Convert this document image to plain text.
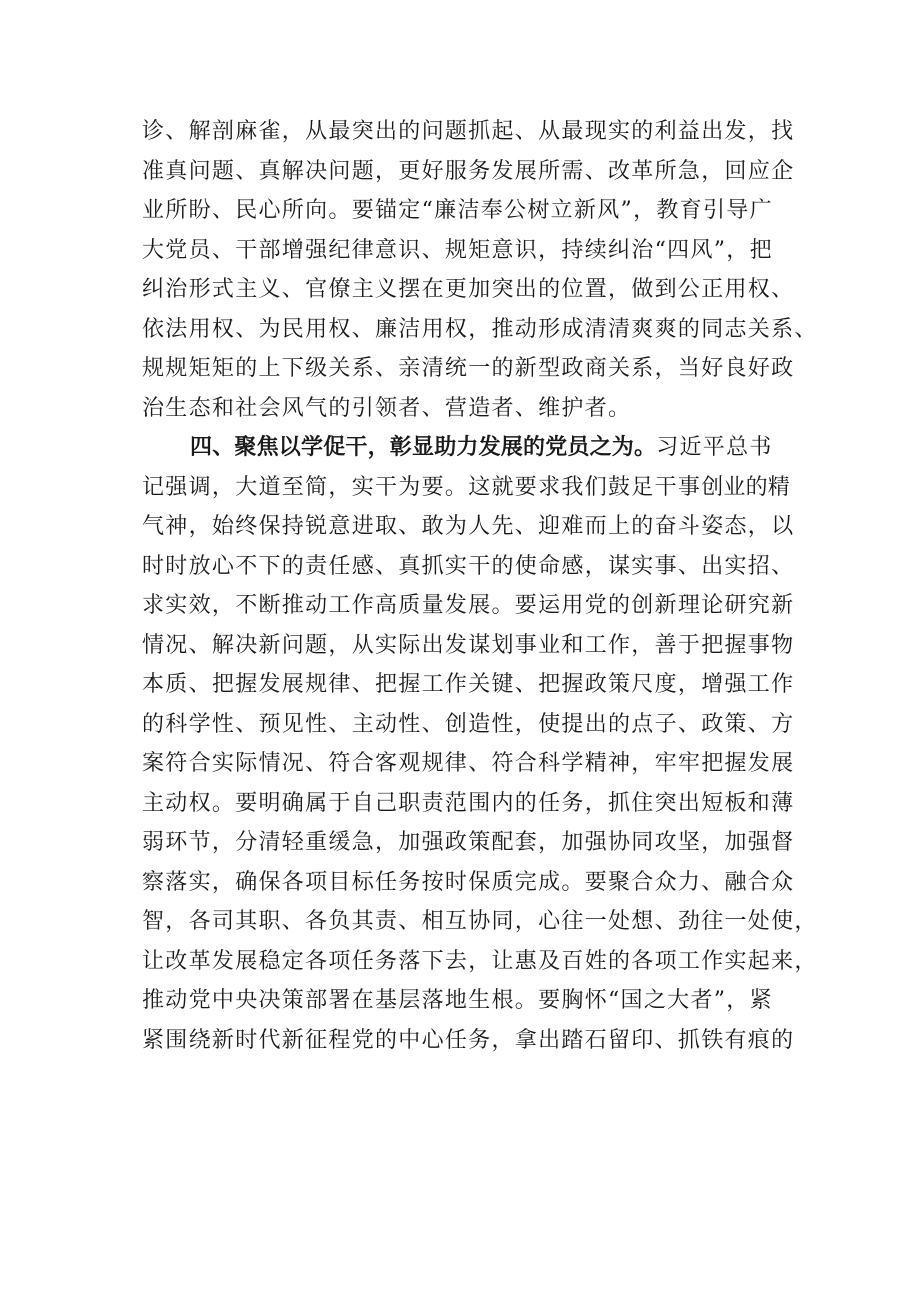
诊、解剖麻雀，从最突出的问题抓起、从最现实的利益出发，找
准真问题、真解决问题，更好服务发展所需、改革所急，回应企
业所盼、民心所向。要锚定“廉洁奉公树立新风”，教育引导广
大党员、干部增强纪律意识、规矩意识，持续纠治“四风”，把
纠治形式主义、官僚主义摆在更加突出的位置，做到公正用权、
依法用权、为民用权、廉洁用权，推动形成清清爽爽的同志关系、
规规矩矩的上下级关系、亲清统一的新型政商关系，当好良好政
治生态和社会风气的引领者、营造者、维护者。
四、聚焦以学促干，彰显助力发展的党员之为。习近平总书
记强调，大道至简，实干为要。这就要求我们鼓足干事创业的精
气神，始终保持锐意进取、敢为人先、迎难而上的奋斗姿态，以
时时放心不下的责任感、真抓实干的使命感，谋实事、出实招、
求实效，不断推动工作高质量发展。要运用党的创新理论研究新
情况、解决新问题，从实际出发谋划事业和工作，善于把握事物
本质、把握发展规律、把握工作关键、把握政策尺度，增强工作
的科学性、预见性、主动性、创造性，使提出的点子、政策、方
案符合实际情况、符合客观规律、符合科学精神，牢牢把握发展
主动权。要明确属于自己职责范围内的任务，抓住突出短板和薄
弱环节，分清轻重缓急，加强政策配套，加强协同攻坚，加强督
察落实，确保各项目标任务按时保质完成。要聚合众力、融合众
智，各司其职、各负其责、相互协同，心往一处想、劲往一处使，
让改革发展稳定各项任务落下去，让惠及百姓的各项工作实起来，
推动党中央决策部署在基层落地生根。要胸怀“国之大者”，紧
紧围绕新时代新征程党的中心任务，拿出踏石留印、抓铁有痕的
